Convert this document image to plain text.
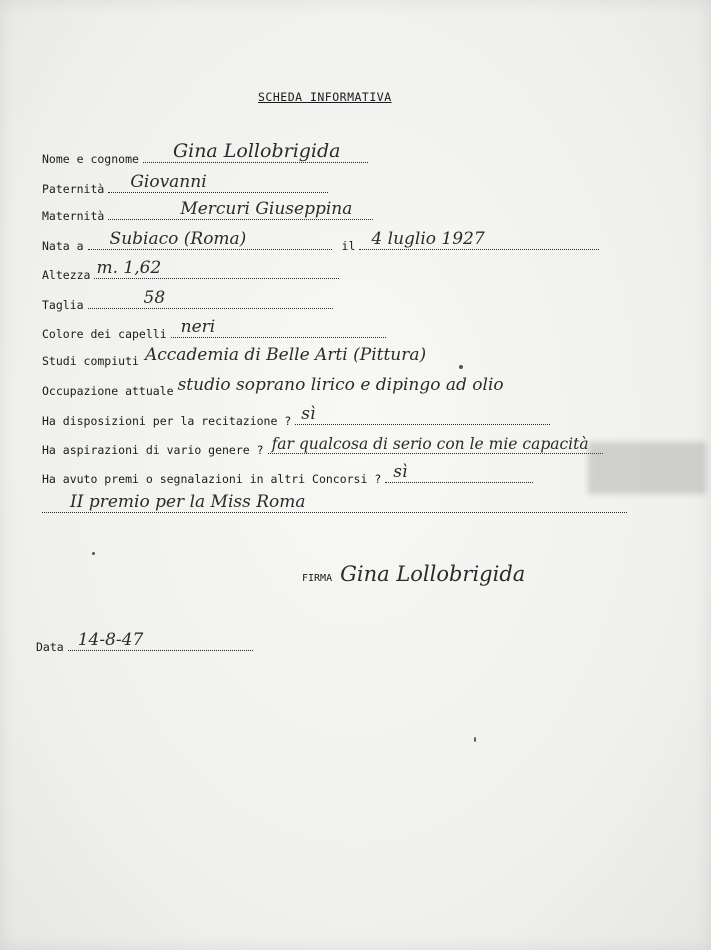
SCHEDA INFORMATIVA
Nome e cognome Gina Lollobrigida
Paternità Giovanni
Maternità	Mercuri Giuseppina
Nata a Subiaco (Roma)	il 4 luglio 1927
Altezza m. 1,62
Taglia	58
Colore dei capelli neri
Studi compiuti Accademia di Belle Arti (Pittura)
Occupazione attuale studio soprano lirico e dipingo ad olio
Ha disposizioni per la recitazione ? sì
Ha aspirazioni di vario genere ? far qualcosa di serio con le mie capacità
Ha avuto premi o segnalazioni in altri Concorsi ? sì
II premio per la Miss Roma
FIRMA Gina Lollobrigida
Data 14-8-47
